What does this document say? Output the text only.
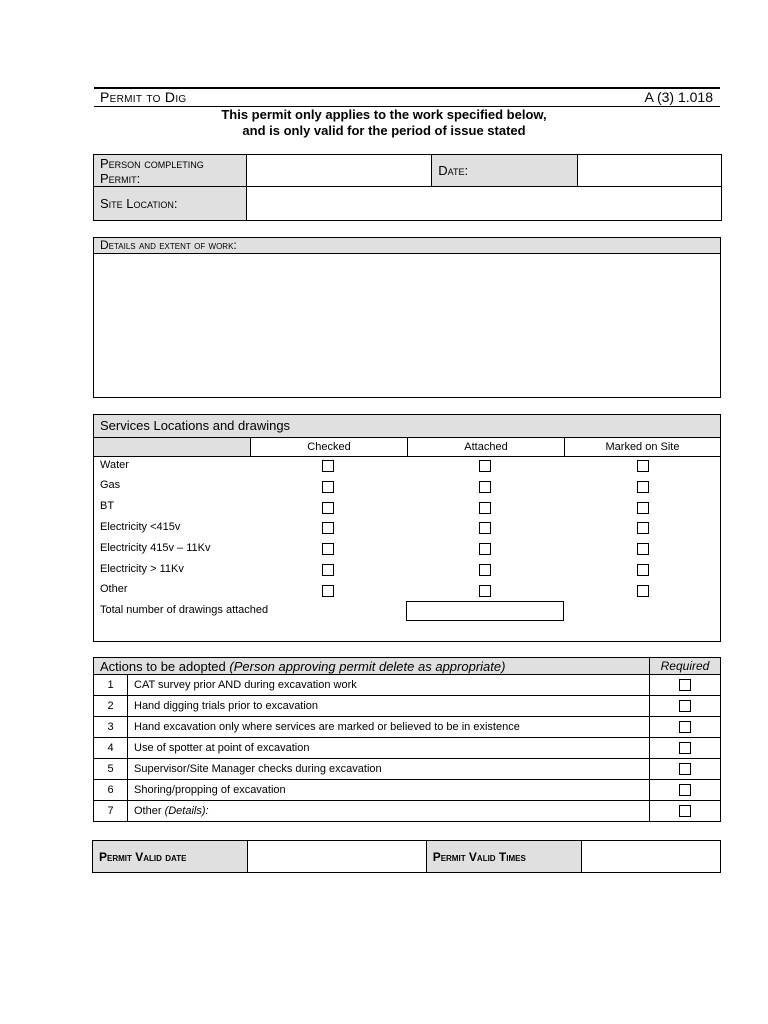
Permit to Dig	A (3) 1.018
This permit only applies to the work specified below,
and is only valid for the period of issue stated
Person completing
Permit:		Date:	
Site Location:			
Details and extent of work:
Services Locations and drawings
Checked	Attached	Marked on Site
Water
Gas
BT
Electricity <415v
Electricity 415v – 11Kv
Electricity > 11Kv
Other
Total number of drawings attached
Actions to be adopted (Person approving permit delete as appropriate)		Required
1	CAT survey prior AND during excavation work	
2	Hand digging trials prior to excavation	
3	Hand excavation only where services are marked or believed to be in existence	
4	Use of spotter at point of excavation	
5	Supervisor/Site Manager checks during excavation	
6	Shoring/propping of excavation	
7	Other (Details):	
Permit Valid date		Permit Valid Times	
